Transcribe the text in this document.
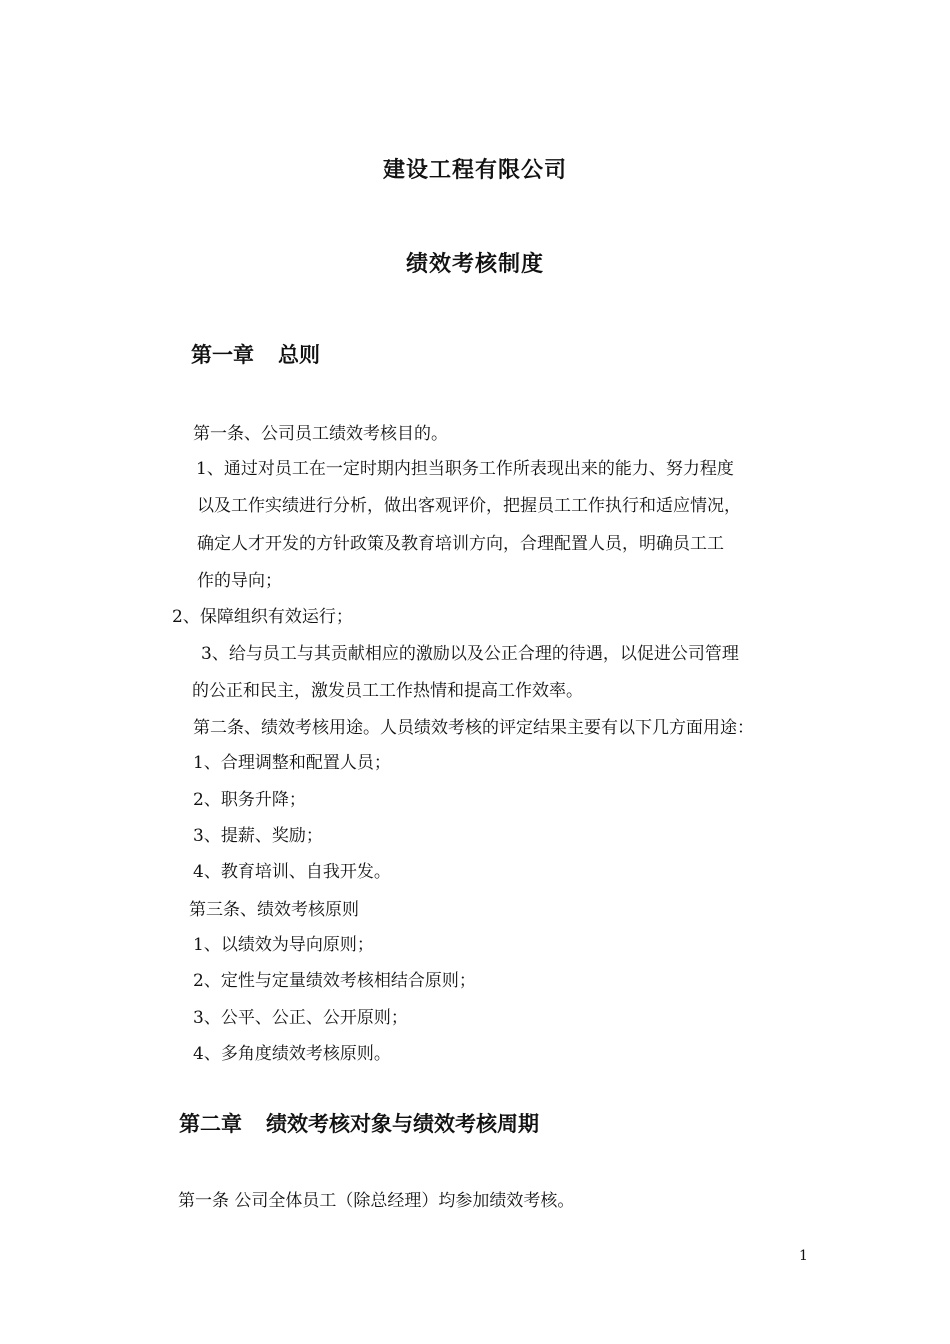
建设工程有限公司
绩效考核制度
第一章 总则
第一条、公司员工绩效考核目的。
1、通过对员工在一定时期内担当职务工作所表现出来的能力、努力程度
以及工作实绩进行分析，做出客观评价，把握员工工作执行和适应情况，
确定人才开发的方针政策及教育培训方向，合理配置人员，明确员工工
作的导向；
2、保障组织有效运行；
3、给与员工与其贡献相应的激励以及公正合理的待遇，以促进公司管理
的公正和民主，激发员工工作热情和提高工作效率。
第二条、绩效考核用途。人员绩效考核的评定结果主要有以下几方面用途：
1、合理调整和配置人员；
2、职务升降；
3、提薪、奖励；
4、教育培训、自我开发。
第三条、绩效考核原则
1、以绩效为导向原则；
2、定性与定量绩效考核相结合原则；
3、公平、公正、公开原则；
4、多角度绩效考核原则。
第二章 绩效考核对象与绩效考核周期
第一条 公司全体员工（除总经理）均参加绩效考核。
1
